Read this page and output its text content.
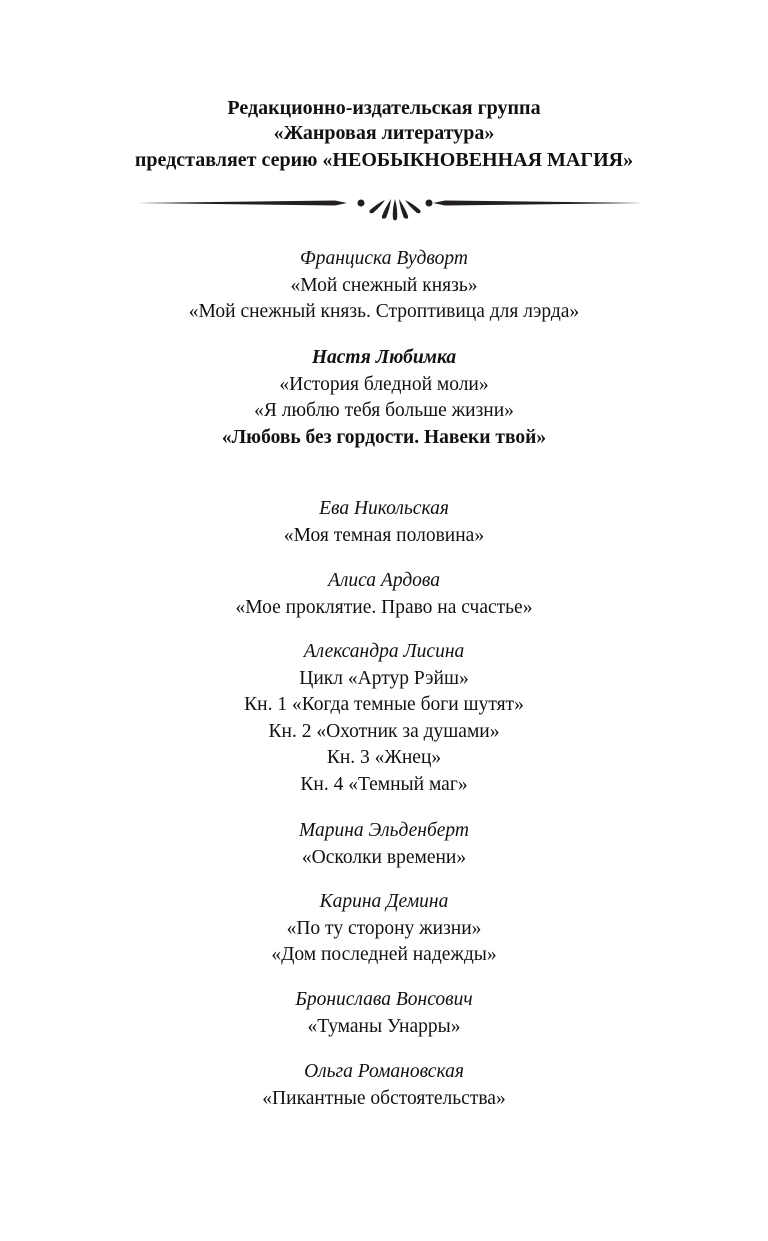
Редакционно-издательская группа
«Жанровая литература»
представляет серию «НЕОБЫКНОВЕННАЯ МАГИЯ»
Франциска Вудворт
«Мой снежный князь»
«Мой снежный князь. Строптивица для лэрда»
Настя Любимка
«История бледной моли»
«Я люблю тебя больше жизни»
«Любовь без гордости. Навеки твой»
Ева Никольская
«Моя темная половина»
Алиса Ардова
«Мое проклятие. Право на счастье»
Александра Лисина
Цикл «Артур Рэйш»
Кн. 1 «Когда темные боги шутят»
Кн. 2 «Охотник за душами»
Кн. 3 «Жнец»
Кн. 4 «Темный маг»
Марина Эльденберт
«Осколки времени»
Карина Демина
«По ту сторону жизни»
«Дом последней надежды»
Бронислава Вонсович
«Туманы Унарры»
Ольга Романовская
«Пикантные обстоятельства»
